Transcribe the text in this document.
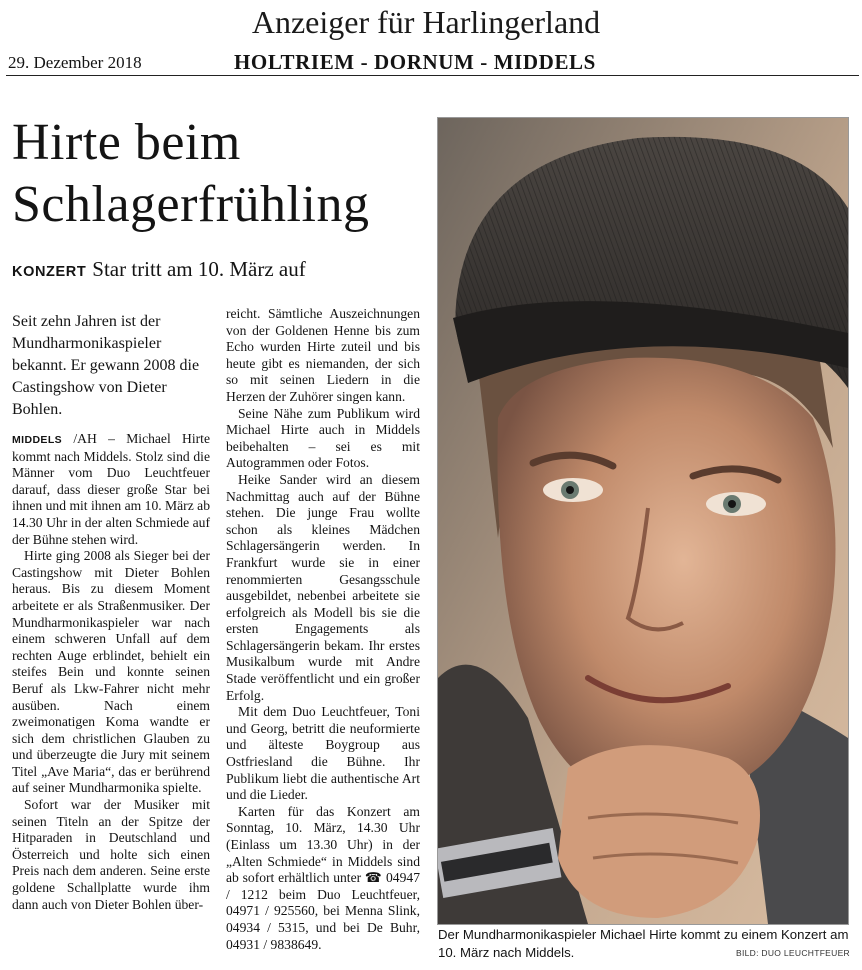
Anzeiger für Harlingerland
29. Dezember 2018	HOLTRIEM - DORNUM - MIDDELS
Hirte beim
Schlagerfrühling
KONZERT Star tritt am 10. März auf
Seit zehn Jahren ist der Mundharmonikaspieler bekannt. Er gewann 2008 die Castingshow von Dieter Bohlen.

MIDDELS /AH – Michael Hirte kommt nach Middels. Stolz sind die Männer vom Duo Leuchtfeuer darauf, dass dieser große Star bei ihnen und mit ihnen am 10. März ab 14.30 Uhr in der alten Schmiede auf der Bühne stehen wird.

Hirte ging 2008 als Sieger bei der Castingshow mit Dieter Bohlen heraus. Bis zu diesem Moment arbeitete er als Straßenmusiker. Der Mundharmonikaspieler war nach einem schweren Unfall auf dem rechten Auge erblindet, behielt ein steifes Bein und konnte seinen Beruf als Lkw-Fahrer nicht mehr ausüben. Nach einem zweimonatigen Koma wandte er sich dem christlichen Glauben zu und überzeugte die Jury mit seinem Titel „Ave Maria“, das er berührend auf seiner Mundharmonika spielte.

Sofort war der Musiker mit seinen Titeln an der Spitze der Hitparaden in Deutschland und Österreich und holte sich einen Preis nach dem anderen. Seine erste goldene Schallplatte wurde ihm dann auch von Dieter Bohlen über-

reicht. Sämtliche Auszeichnungen von der Goldenen Henne bis zum Echo wurden Hirte zuteil und bis heute gibt es niemanden, der sich so mit seinen Liedern in die Herzen der Zuhörer singen kann.

Seine Nähe zum Publikum wird Michael Hirte auch in Middels beibehalten – sei es mit Autogrammen oder Fotos.

Heike Sander wird an diesem Nachmittag auch auf der Bühne stehen. Die junge Frau wollte schon als kleines Mädchen Schlagersängerin werden. In Frankfurt wurde sie in einer renommierten Gesangsschule ausgebildet, nebenbei arbeitete sie erfolgreich als Modell bis sie die ersten Engagements als Schlagersängerin bekam. Ihr erstes Musikalbum wurde mit Andre Stade veröffentlicht und ein großer Erfolg.

Mit dem Duo Leuchtfeuer, Toni und Georg, betritt die neuformierte und älteste Boygroup aus Ostfriesland die Bühne. Ihr Publikum liebt die authentische Art und die Lieder.

Karten für das Konzert am Sonntag, 10. März, 14.30 Uhr (Einlass um 13.30 Uhr) in der „Alten Schmiede“ in Middels sind ab sofort erhältlich unter ☎ 04947 / 1212 beim Duo Leuchtfeuer, 04971 / 925560, bei Menna Slink, 04934 / 5315, und bei De Buhr, 04931 / 9838649.

Der Mundharmonikaspieler Michael Hirte kommt zu einem Konzert am 10. März nach Middels.	BILD: DUO LEUCHTFEUER
